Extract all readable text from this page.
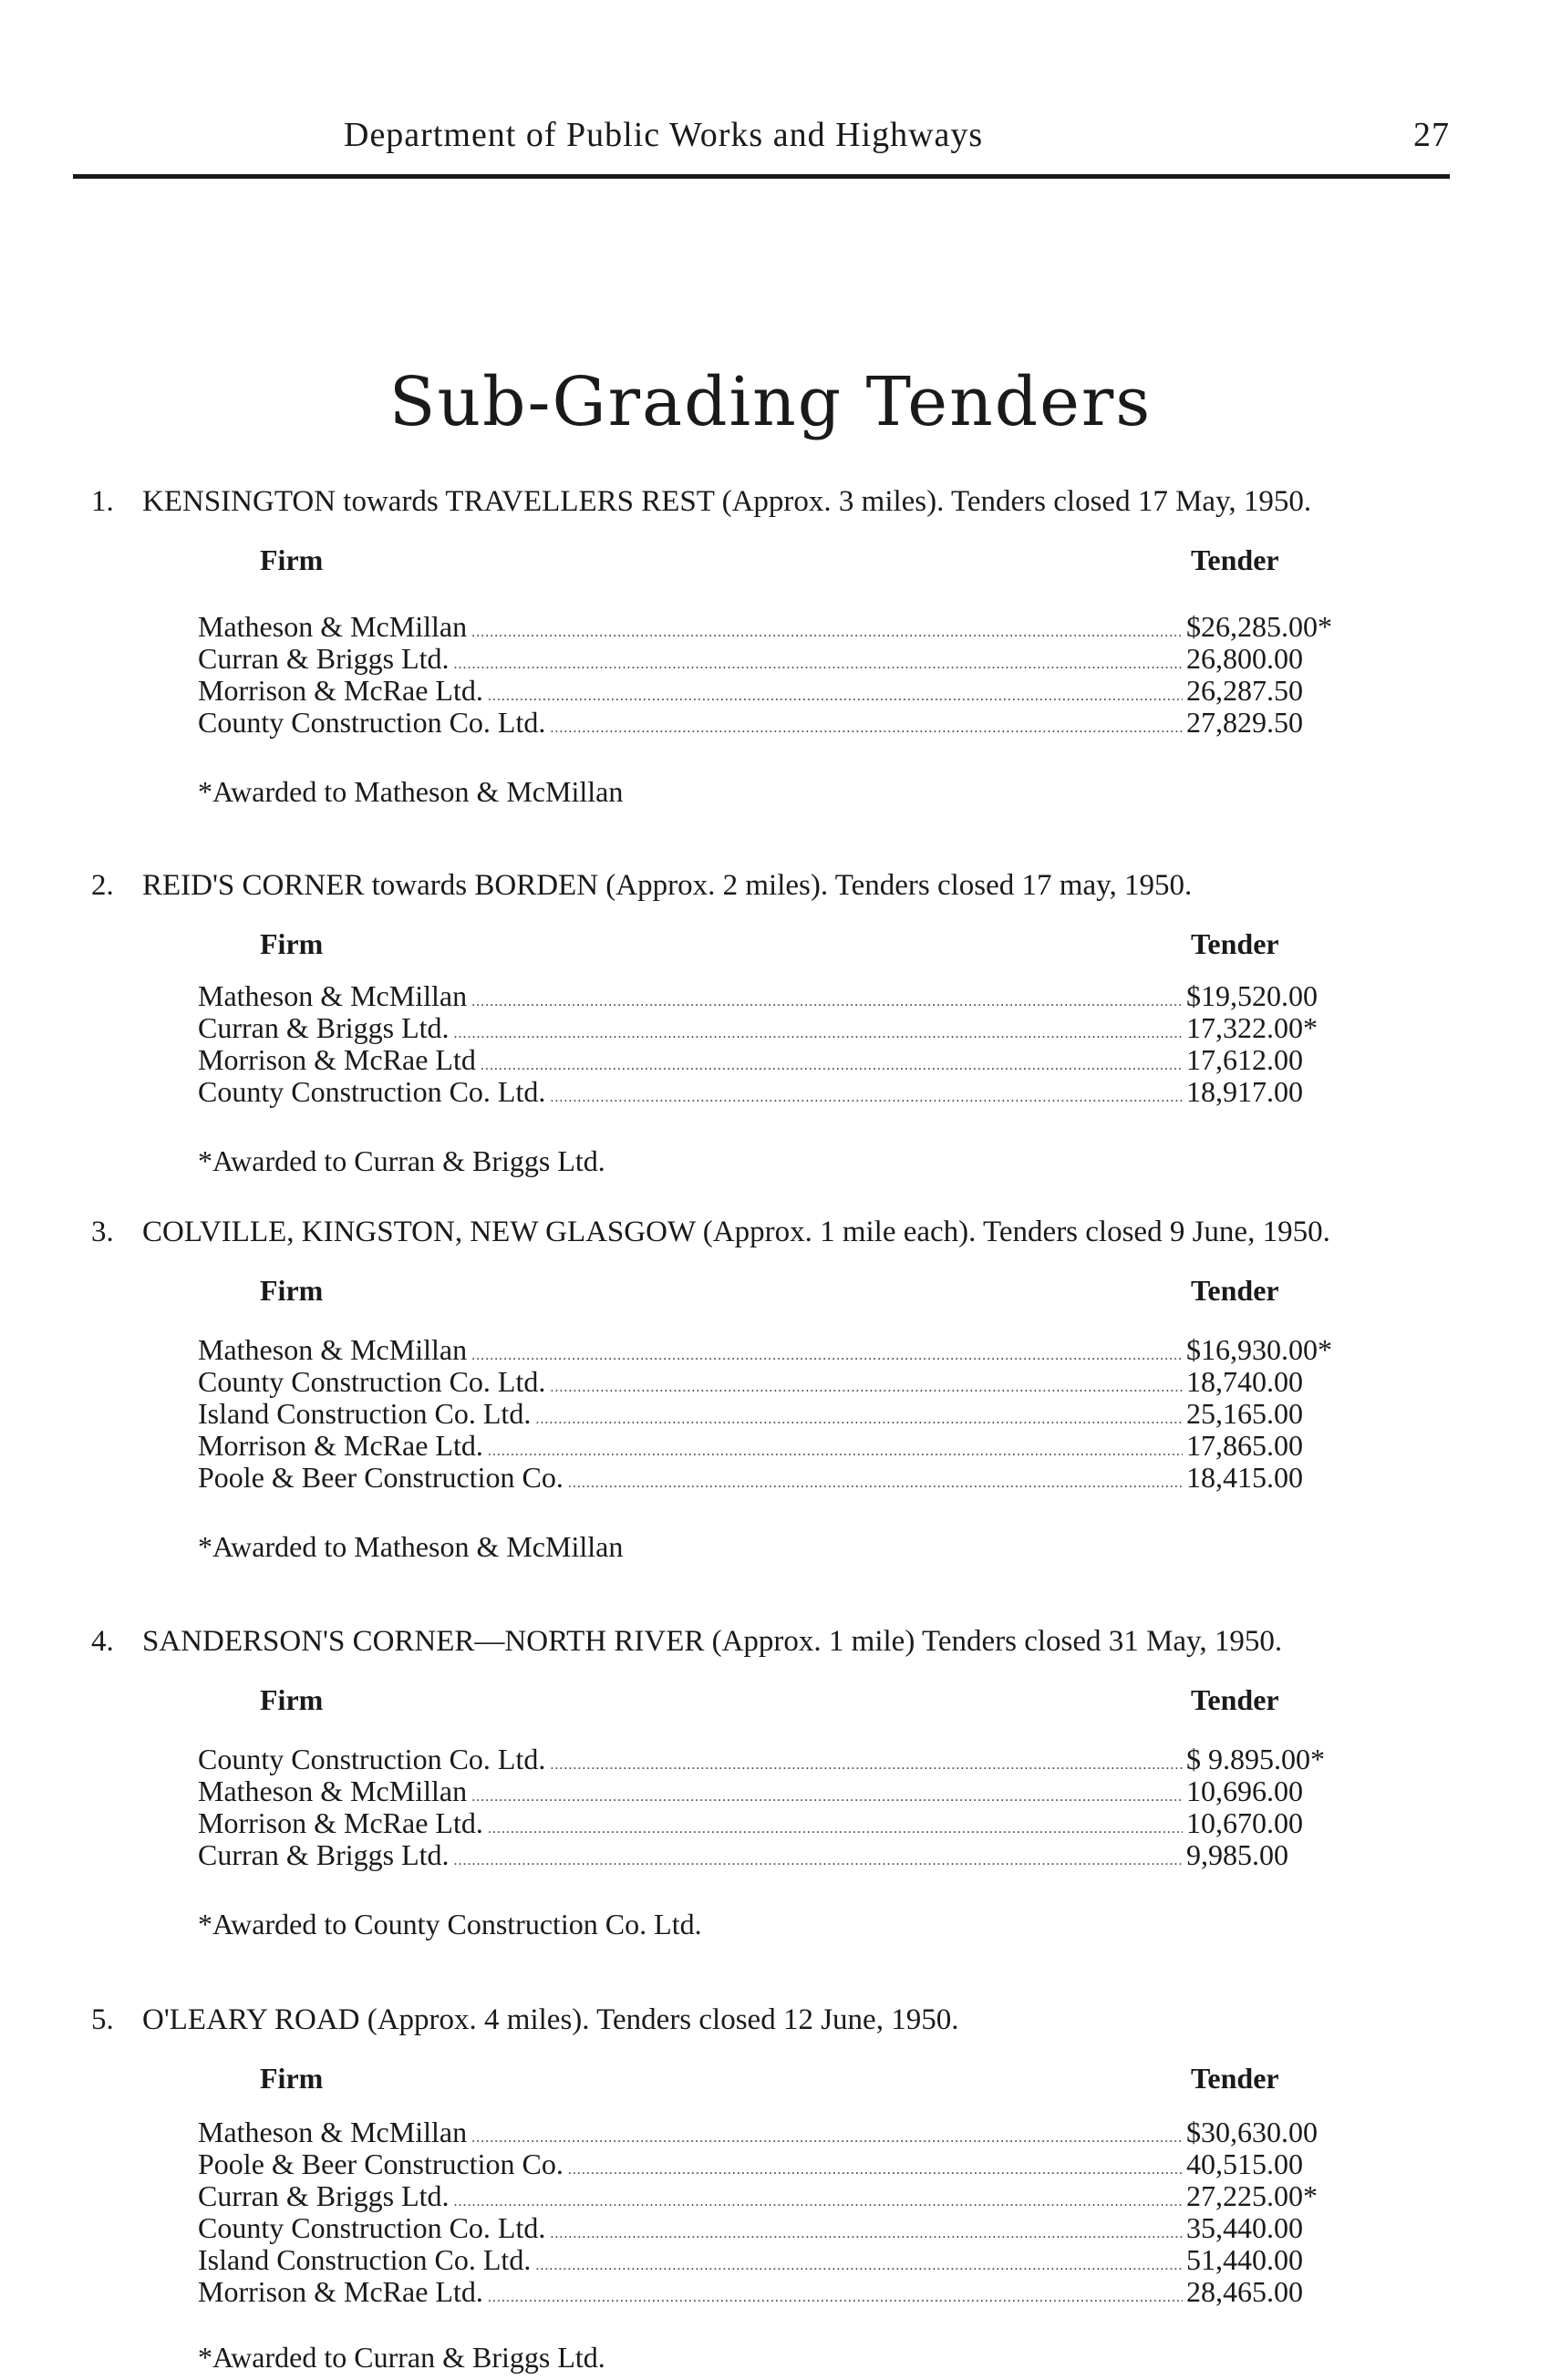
Department of Public Works and Highways	27
Sub-Grading Tenders
1. KENSINGTON towards TRAVELLERS REST (Approx. 3 miles). Tenders closed 17 May, 1950.
Firm	Tender
Matheson & McMillan .....	$26,285.00*
Curran & Briggs Ltd. .....	26,800.00
Morrison & McRae Ltd. .....	26,287.50
County Construction Co. Ltd. .....	27,829.50
*Awarded to Matheson & McMillan
2. REID'S CORNER towards BORDEN (Approx. 2 miles). Tenders closed 17 may, 1950.
Firm	Tender
Matheson & McMillan .....	$19,520.00
Curran & Briggs Ltd. .....	17,322.00*
Morrison & McRae Ltd .....	17,612.00
County Construction Co. Ltd. .....	18,917.00
*Awarded to Curran & Briggs Ltd.
3. COLVILLE, KINGSTON, NEW GLASGOW (Approx. 1 mile each). Tenders closed 9 June, 1950.
Firm	Tender
Matheson & McMillan .....	$16,930.00*
County Construction Co. Ltd. .....	18,740.00
Island Construction Co. Ltd. .....	25,165.00
Morrison & McRae Ltd. .....	17,865.00
Poole & Beer Construction Co. .....	18,415.00
*Awarded to Matheson & McMillan
4. SANDERSON'S CORNER—NORTH RIVER (Approx. 1 mile) Tenders closed 31 May, 1950.
Firm	Tender
County Construction Co. Ltd. .....	$ 9.895.00*
Matheson & McMillan .....	10,696.00
Morrison & McRae Ltd. .....	10,670.00
Curran & Briggs Ltd. .....	9,985.00
*Awarded to County Construction Co. Ltd.
5. O'LEARY ROAD (Approx. 4 miles). Tenders closed 12 June, 1950.
Firm	Tender
Matheson & McMillan .....	$30,630.00
Poole & Beer Construction Co. .....	40,515.00
Curran & Briggs Ltd. .....	27,225.00*
County Construction Co. Ltd. .....	35,440.00
Island Construction Co. Ltd. .....	51,440.00
Morrison & McRae Ltd. .....	28,465.00
*Awarded to Curran & Briggs Ltd.
